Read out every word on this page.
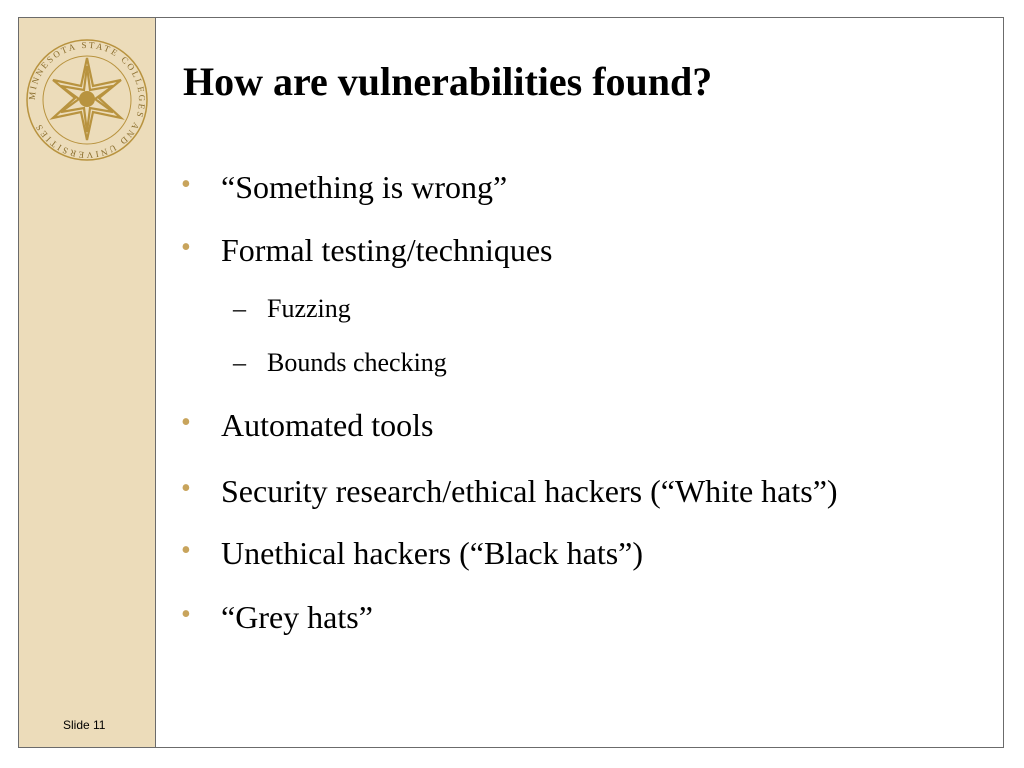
MINNESOTA STATE COLLEGES AND UNIVERSITIES
Slide 11
How are vulnerabilities found?
• “Something is wrong”
• Formal testing/techniques
– Fuzzing
– Bounds checking
• Automated tools
• Security research/ethical hackers (“White hats”)
• Unethical hackers (“Black hats”)
• “Grey hats”
